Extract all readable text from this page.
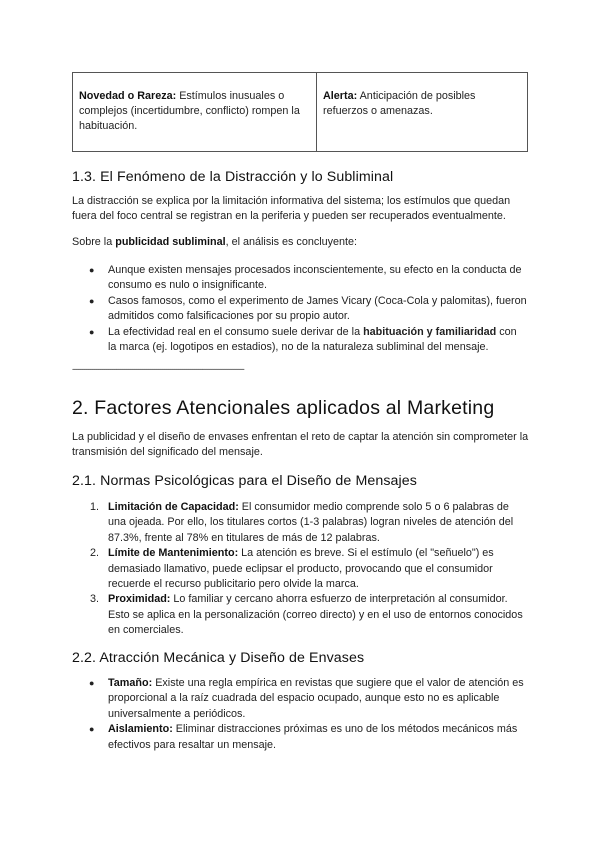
Novedad o Rareza: Estímulos inusuales o complejos (incertidumbre, conflicto) rompen la habituación.
Alerta: Anticipación de posibles refuerzos o amenazas.
1.3. El Fenómeno de la Distracción y lo Subliminal

La distracción se explica por la limitación informativa del sistema; los estímulos que quedan fuera del foco central se registran en la periferia y pueden ser recuperados eventualmente.

Sobre la publicidad subliminal, el análisis es concluyente:

● Aunque existen mensajes procesados inconscientemente, su efecto en la conducta de consumo es nulo o insignificante.
● Casos famosos, como el experimento de James Vicary (Coca-Cola y palomitas), fueron admitidos como falsificaciones por su propio autor.
● La efectividad real en el consumo suele derivar de la habituación y familiaridad con la marca (ej. logotipos en estadios), no de la naturaleza subliminal del mensaje.
--------------------------------------------------------------------------------------
2. Factores Atencionales aplicados al Marketing

La publicidad y el diseño de envases enfrentan el reto de captar la atención sin comprometer la transmisión del significado del mensaje.

2.1. Normas Psicológicas para el Diseño de Mensajes
1. Limitación de Capacidad: El consumidor medio comprende solo 5 o 6 palabras de una ojeada. Por ello, los titulares cortos (1-3 palabras) logran niveles de atención del 87.3%, frente al 78% en titulares de más de 12 palabras.
2. Límite de Mantenimiento: La atención es breve. Si el estímulo (el "señuelo") es demasiado llamativo, puede eclipsar el producto, provocando que el consumidor recuerde el recurso publicitario pero olvide la marca.
3. Proximidad: Lo familiar y cercano ahorra esfuerzo de interpretación al consumidor. Esto se aplica en la personalización (correo directo) y en el uso de entornos conocidos en comerciales.
2.2. Atracción Mecánica y Diseño de Envases
● Tamaño: Existe una regla empírica en revistas que sugiere que el valor de atención es proporcional a la raíz cuadrada del espacio ocupado, aunque esto no es aplicable universalmente a periódicos.
● Aislamiento: Eliminar distracciones próximas es uno de los métodos mecánicos más efectivos para resaltar un mensaje.
